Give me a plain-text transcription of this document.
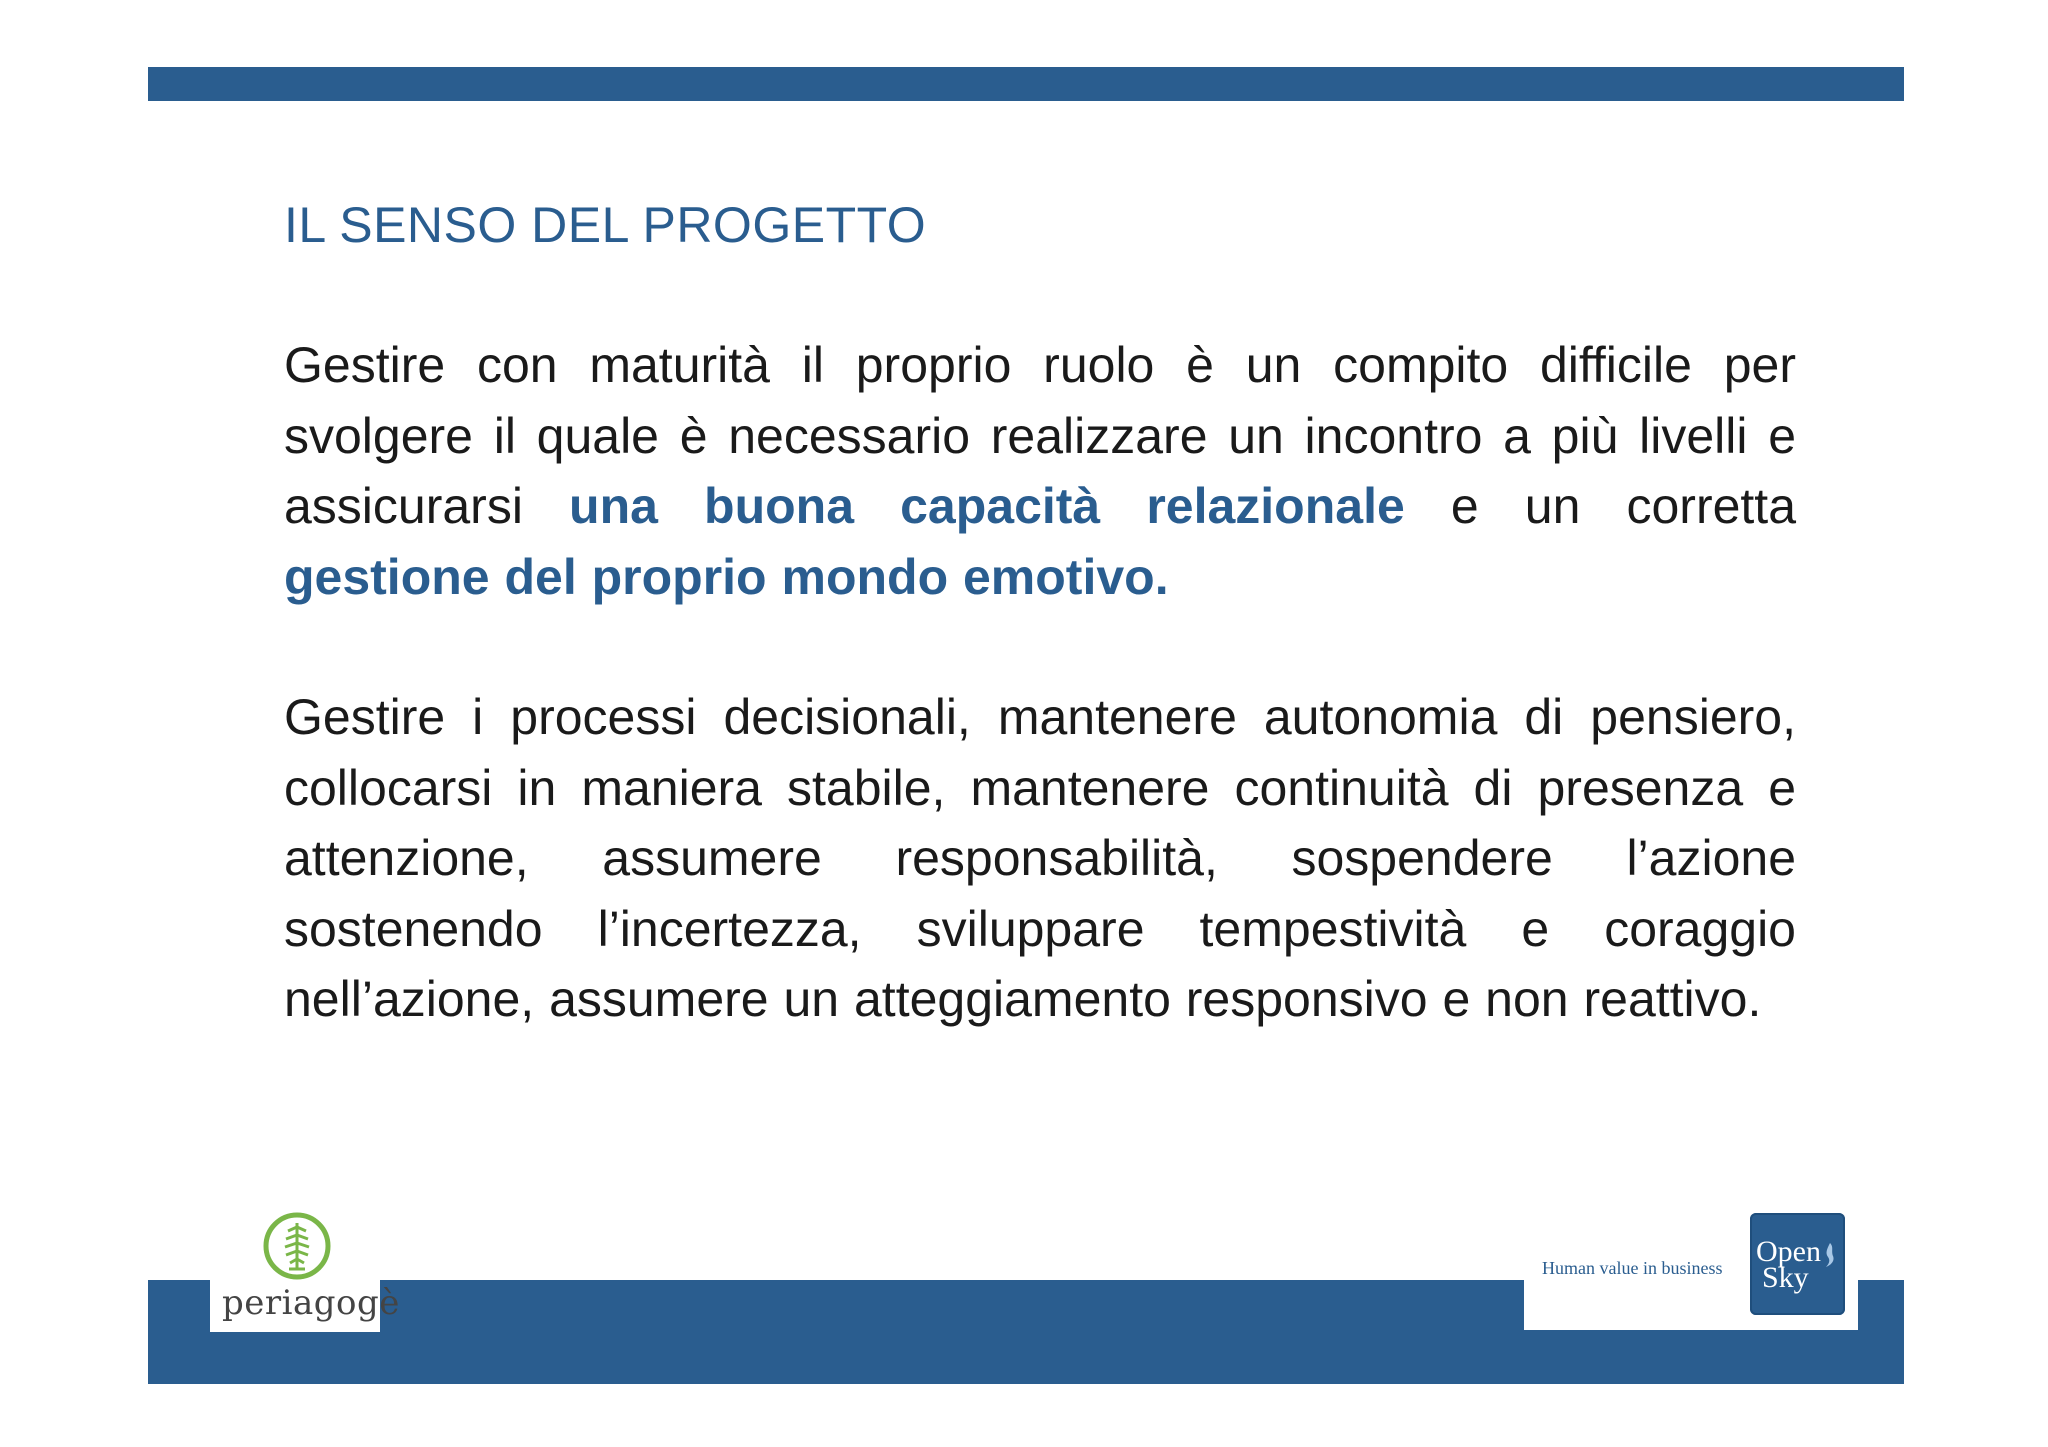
IL SENSO DEL PROGETTO
Gestire con maturità il proprio ruolo è un compito difficile per svolgere il quale è necessario realizzare un incontro a più livelli e assicurarsi una buona capacità relazionale e un corretta gestione del proprio mondo emotivo.
Gestire i processi decisionali, mantenere autonomia di pensiero, collocarsi in maniera stabile, mantenere continuità di presenza e attenzione, assumere responsabilità, sospendere l’azione sostenendo l’incertezza, sviluppare tempestività e coraggio nell’azione, assumere un atteggiamento responsivo e non reattivo.
periagogè
Human value in business Open
Sky
